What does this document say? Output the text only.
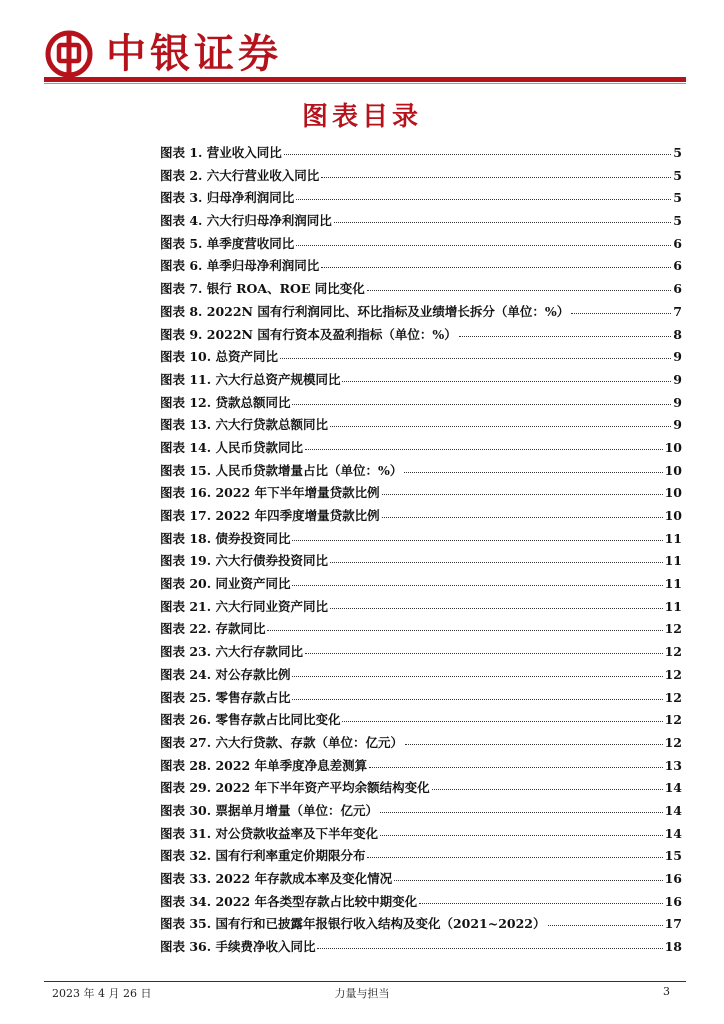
中银证券
图表目录
图表 1. 营业收入同比	5
图表 2. 六大行营业收入同比	5
图表 3. 归母净利润同比	5
图表 4. 六大行归母净利润同比	5
图表 5. 单季度营收同比	6
图表 6. 单季归母净利润同比	6
图表 7. 银行 ROA、ROE 同比变化	6
图表 8. 2022N 国有行利润同比、环比指标及业绩增长拆分（单位：%）	7
图表 9. 2022N 国有行资本及盈利指标（单位：%）	8
图表 10. 总资产同比	9
图表 11. 六大行总资产规模同比	9
图表 12. 贷款总额同比	9
图表 13. 六大行贷款总额同比	9
图表 14. 人民币贷款同比	10
图表 15. 人民币贷款增量占比（单位：%）	10
图表 16. 2022 年下半年增量贷款比例	10
图表 17. 2022 年四季度增量贷款比例	10
图表 18. 债券投资同比	11
图表 19. 六大行债券投资同比	11
图表 20. 同业资产同比	11
图表 21. 六大行同业资产同比	11
图表 22. 存款同比	12
图表 23. 六大行存款同比	12
图表 24. 对公存款比例	12
图表 25. 零售存款占比	12
图表 26. 零售存款占比同比变化	12
图表 27. 六大行贷款、存款（单位：亿元）	12
图表 28. 2022 年单季度净息差测算	13
图表 29. 2022 年下半年资产平均余额结构变化	14
图表 30. 票据单月增量（单位：亿元）	14
图表 31. 对公贷款收益率及下半年变化	14
图表 32. 国有行利率重定价期限分布	15
图表 33. 2022 年存款成本率及变化情况	16
图表 34. 2022 年各类型存款占比较中期变化	16
图表 35. 国有行和已披露年报银行收入结构及变化（2021~2022）	17
图表 36. 手续费净收入同比	18
2023 年 4 月 26 日	力量与担当	3
